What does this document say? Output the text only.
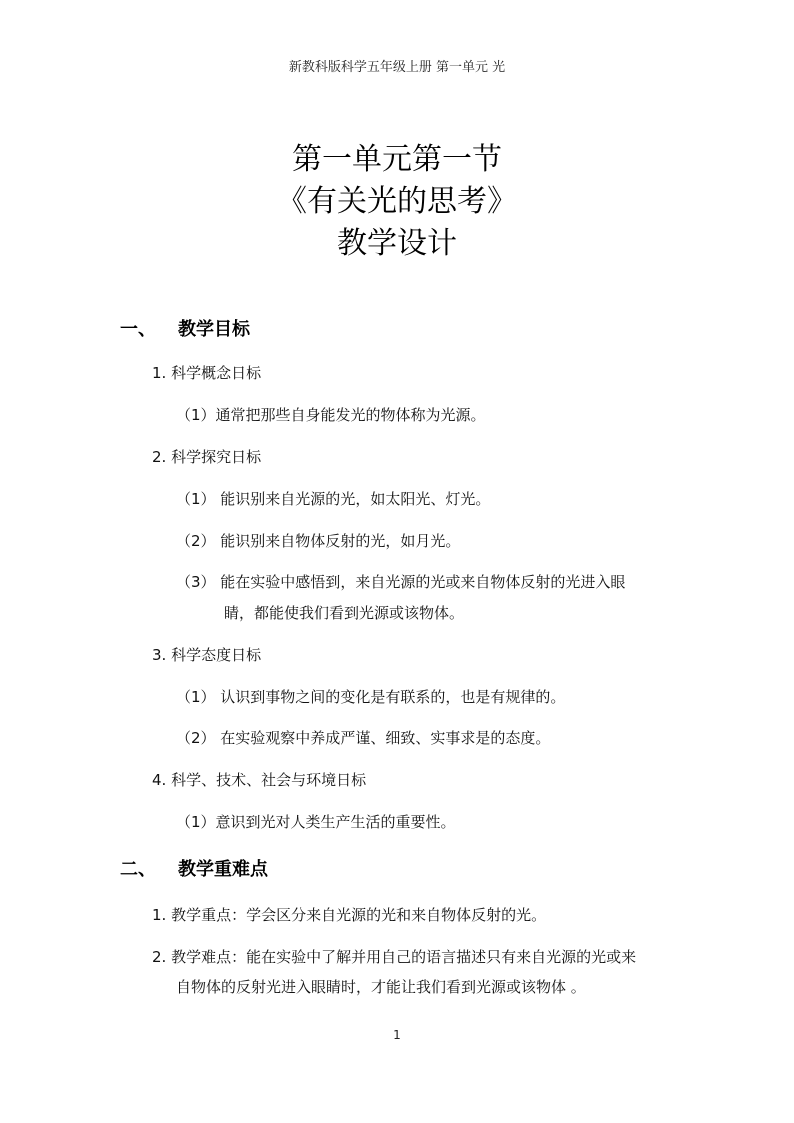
新教科版科学五年级上册 第一单元 光
第一单元第一节
《有关光的思考》
教学设计
一、 教学目标
1. 科学概念日标
（1）通常把那些自身能发光的物体称为光源。
2. 科学探究日标
（1） 能识别来自光源的光，如太阳光、灯光。
（2） 能识别来自物体反射的光，如月光。
（3） 能在实验中感悟到，来自光源的光或来自物体反射的光进入眼
睛，都能使我们看到光源或该物体。
3. 科学态度日标
（1） 认识到事物之间的变化是有联系的，也是有规律的。
（2） 在实验观察中养成严谨、细致、实事求是的态度。
4. 科学、技术、社会与环境日标
（1）意识到光对人类生产生活的重要性。
二、 教学重难点
1. 教学重点：学会区分来自光源的光和来自物体反射的光。
2. 教学难点：能在实验中了解并用自己的语言描述只有来自光源的光或来
自物体的反射光进入眼睛时，才能让我们看到光源或该物体 。
1
